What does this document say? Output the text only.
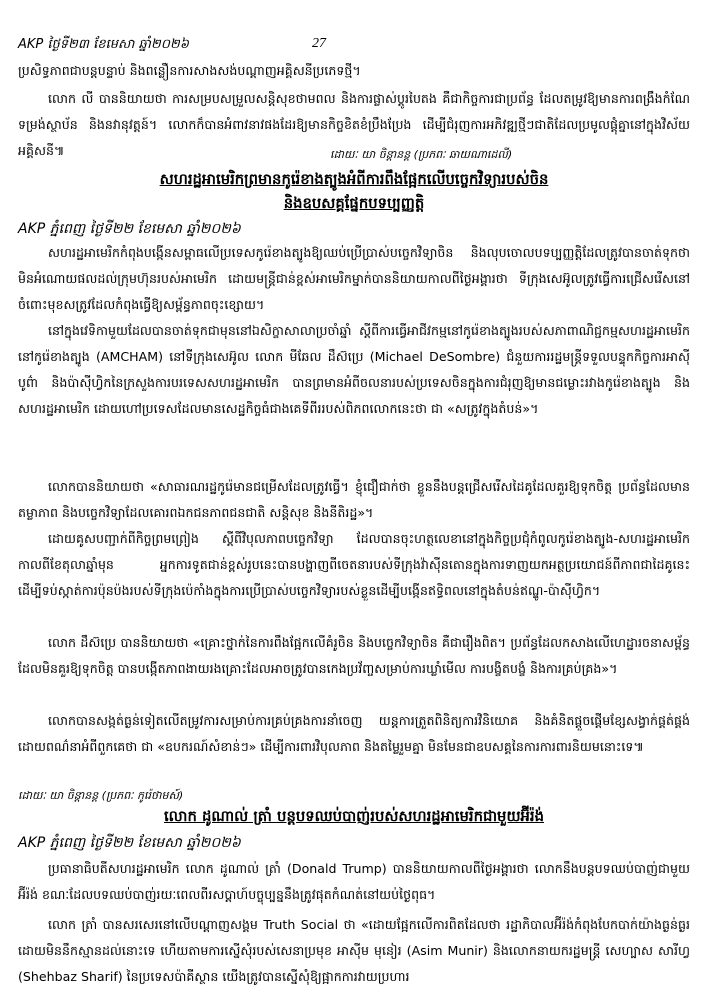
AKP ថ្ងៃទី២៣ ខែមេសា ឆ្នាំ២០២៦	27
ប្រសិទ្ធភាពជាបន្តបន្ទាប់ និងពន្លឿនការសាងសង់បណ្តាញអគ្គិសនីប្រភេទថ្មី។
លោក លី បាននិយាយថា ការសម្របសម្រួលសន្តិសុខថាមពល និងការផ្លាស់ប្តូរបៃតង គឺជាកិច្ចការជាប្រព័ន្ធ ដែលតម្រូវឱ្យមានការពង្រឹងកំណែទម្រង់ស្ថាប័ន និងនវានុវត្តន៍។ លោកក៏បានអំពាវនាវផងដែរឱ្យមានកិច្ចខិតខំប្រឹងប្រែង ដើម្បីជំរុញការអភិវឌ្ឍថ្មីៗជាតិដែលប្រមូលផ្តុំគ្នានៅក្នុងវិស័យអគ្គិសនី៕	ដោយៈ យា ចិន្តានន្ត (ប្រភពៈ ឆាយណាដេលី)
សហរដ្ឋអាមេរិកព្រមានកូរ៉េខាងត្បូងអំពីការពឹងផ្អែកលើបច្ចេកវិទ្យារបស់ចិន
និងឧបសគ្គផ្នែកបទប្បញ្ញត្តិ
AKP ភ្នំពេញ ថ្ងៃទី២២ ខែមេសា ឆ្នាំ២០២៦
សហរដ្ឋអាមេរិកកំពុងបង្កើនសម្ពាធលើប្រទេសកូរ៉េខាងត្បូងឱ្យឈប់ប្រើប្រាស់បច្ចេកវិទ្យាចិន និងលុបចោលបទប្បញ្ញត្តិដែលត្រូវបានចាត់ទុកថាមិនអំណោយផលដល់ក្រុមហ៊ុនរបស់អាមេរិក ដោយមន្ត្រីជាន់ខ្ពស់អាមេរិកម្នាក់បាននិយាយកាលពីថ្ងៃអង្គារថា ទីក្រុងសេអ៊ូលត្រូវធ្វើការជ្រើសរើសនៅចំពោះមុខសត្រូវដែលកំពុងធ្វើឱ្យសម្ព័ន្ធភាពចុះខ្សោយ។
នៅក្នុងវេទិកាមួយដែលបានចាត់ទុកជាមុននៅឯសិក្ខាសាលាប្រចាំឆ្នាំ ស្តីពីការធ្វើអាជីវកម្មនៅកូរ៉េខាងត្បូងរបស់សភាពាណិជ្ជកម្មសហរដ្ឋអាមេរិកនៅកូរ៉េខាងត្បូង (AMCHAM) នៅទីក្រុងសេអ៊ូល លោក មីឆែល ដឹស៊ប្រេ (Michael DeSombre) ជំនួយការរដ្ឋមន្ត្រីទទួលបន្ទុកកិច្ចការអាស៊ីបូព៌ា និងប៉ាស៊ីហ្វិកនៃក្រសួងការបរទេសសហរដ្ឋអាមេរិក បានព្រមានអំពីចលនារបស់ប្រទេសចិនក្នុងការជំរុញឱ្យមានជម្លោះរវាងកូរ៉េខាងត្បូង និងសហរដ្ឋអាមេរិក ដោយហៅប្រទេសដែលមានសេដ្ឋកិច្ចធំជាងគេទីពីររបស់ពិភពលោកនេះថា ជា «សត្រូវក្នុងតំបន់»។
លោកបាននិយាយថា «សាធារណរដ្ឋកូរ៉េមានជម្រើសដែលត្រូវធ្វើ។ ខ្ញុំជឿជាក់ថា ខ្លួននឹងបន្តជ្រើសរើសដៃគូដែលគួរឱ្យទុកចិត្ត ប្រព័ន្ធដែលមានតម្លាភាព និងបច្ចេកវិទ្យាដែលគោរពឯកជនភាពជនជាតិ សន្តិសុខ និងនីតិរដ្ឋ»។
ដោយគូសបញ្ជាក់ពីកិច្ចព្រមព្រៀង ស្តីពីវិបុលភាពបច្ចេកវិទ្យា ដែលបានចុះហត្ថលេខានៅក្នុងកិច្ចប្រជុំកំពូលកូរ៉េខាងត្បូង-សហរដ្ឋអាមេរិក កាលពីខែតុលាឆ្នាំមុន អ្នកការទូតជាន់ខ្ពស់រូបនេះបានបង្ហាញពីចេតនារបស់ទីក្រុងវ៉ាស៊ីនតោនក្នុងការទាញយកអត្ថប្រយោជន៍ពីភាពជាដៃគូនេះ ដើម្បីទប់ស្កាត់ការប៉ុនប៉ងរបស់ទីក្រុងប៉េកាំងក្នុងការប្រើប្រាស់បច្ចេកវិទ្យារបស់ខ្លួនដើម្បីបង្កើនឥទ្ធិពលនៅក្នុងតំបន់ឥណ្ឌូ-ប៉ាស៊ីហ្វិក។
លោក ដឹស៊ប្រេ បាននិយាយថា «គ្រោះថ្នាក់នៃការពឹងផ្អែកលើគំរូចិន និងបច្ចេកវិទ្យាចិន គឺជារឿងពិត។ ប្រព័ន្ធដែលកសាងលើហេដ្ឋារចនាសម្ព័ន្ធដែលមិនគួរឱ្យទុកចិត្ត បានបង្កើតភាពងាយរងគ្រោះដែលអាចត្រូវបានកេងប្រវ័ញ្ចសម្រាប់ការឃ្លាំមើល ការបង្ខិតបង្ខំ និងការគ្រប់គ្រង»។
លោកបានសង្កត់ធ្ងន់ទៀតលើតម្រូវការសម្រាប់ការគ្រប់គ្រងការនាំចេញ យន្តការត្រួតពិនិត្យការវិនិយោគ និងគំនិតផ្តួចផ្តើមខ្សែសង្វាក់ផ្គត់ផ្គង់ ដោយពណ៌នាអំពីពួកគេថា ជា «ឧបករណ៍សំខាន់ៗ» ដើម្បីការពារវិបុលភាព និងតម្លៃរួមគ្នា មិនមែនជាឧបសគ្គនៃការការពារនិយមនោះទេ៕
ដោយៈ យា ចិន្តានន្ត (ប្រភពៈ កូរ៉េថាមស៍)
លោក ដូណាល់ ត្រាំ បន្តបទឈប់បាញ់របស់សហរដ្ឋអាមេរិកជាមួយអ៊ីរ៉ង់
AKP ភ្នំពេញ ថ្ងៃទី២២ ខែមេសា ឆ្នាំ២០២៦
ប្រធានាធិបតីសហរដ្ឋអាមេរិក លោក ដូណាល់ ត្រាំ (Donald Trump) បាននិយាយកាលពីថ្ងៃអង្គារថា លោកនឹងបន្តបទឈប់បាញ់ជាមួយអ៊ីរ៉ង់ ខណៈដែលបទឈប់បាញ់រយៈពេលពីរសប្តាហ៍បច្ចុប្បន្ននឹងត្រូវផុតកំណត់នៅយប់ថ្ងៃពុធ។
លោក ត្រាំ បានសរសេរនៅលើបណ្តាញសង្គម Truth Social ថា «ដោយផ្អែកលើការពិតដែលថា រដ្ឋាភិបាលអ៊ីរ៉ង់កំពុងបែកបាក់យ៉ាងធ្ងន់ធ្ងរដោយមិននឹកស្មានដល់នោះទេ ហើយតាមការស្នើសុំរបស់សេនាប្រមុខ អាស៊ីម មុនៀរ (Asim Munir) និងលោកនាយករដ្ឋមន្ត្រី សេហ្បាស សារីហ្វ (Shehbaz Sharif) នៃប្រទេសប៉ាគីស្ថាន យើងត្រូវបានស្នើសុំឱ្យផ្អាកការវាយប្រហារ
